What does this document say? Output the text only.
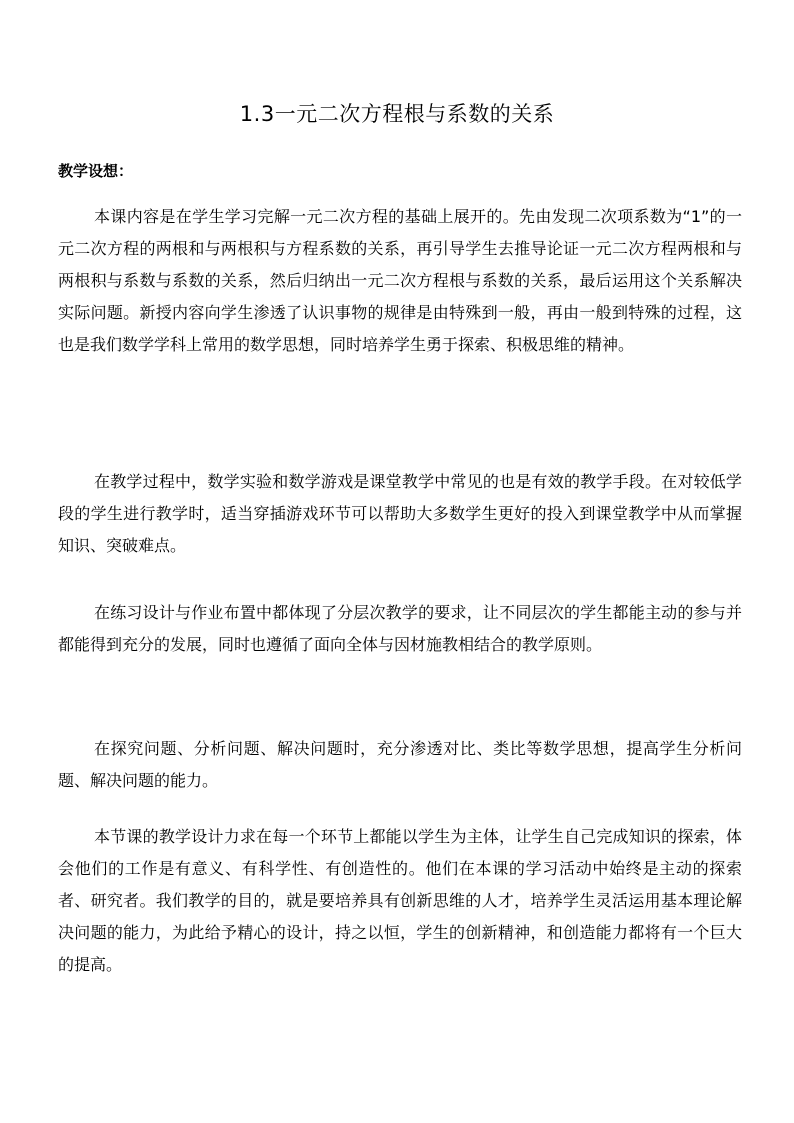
1.3一元二次方程根与系数的关系
教学设想：

本课内容是在学生学习完解一元二次方程的基础上展开的。先由发现二次项系数为“1”的一元二次方程的两根和与两根积与方程系数的关系，再引导学生去推导论证一元二次方程两根和与两根积与系数与系数的关系，然后归纳出一元二次方程根与系数的关系，最后运用这个关系解决实际问题。新授内容向学生渗透了认识事物的规律是由特殊到一般，再由一般到特殊的过程，这也是我们数学学科上常用的数学思想，同时培养学生勇于探索、积极思维的精神。

在教学过程中，数学实验和数学游戏是课堂教学中常见的也是有效的教学手段。在对较低学段的学生进行教学时，适当穿插游戏环节可以帮助大多数学生更好的投入到课堂教学中从而掌握知识、突破难点。

在练习设计与作业布置中都体现了分层次教学的要求，让不同层次的学生都能主动的参与并都能得到充分的发展，同时也遵循了面向全体与因材施教相结合的教学原则。

在探究问题、分析问题、解决问题时，充分渗透对比、类比等数学思想，提高学生分析问题、解决问题的能力。

本节课的教学设计力求在每一个环节上都能以学生为主体，让学生自己完成知识的探索，体会他们的工作是有意义、有科学性、有创造性的。他们在本课的学习活动中始终是主动的探索者、研究者。我们教学的目的，就是要培养具有创新思维的人才，培养学生灵活运用基本理论解决问题的能力，为此给予精心的设计，持之以恒，学生的创新精神，和创造能力都将有一个巨大的提高。
